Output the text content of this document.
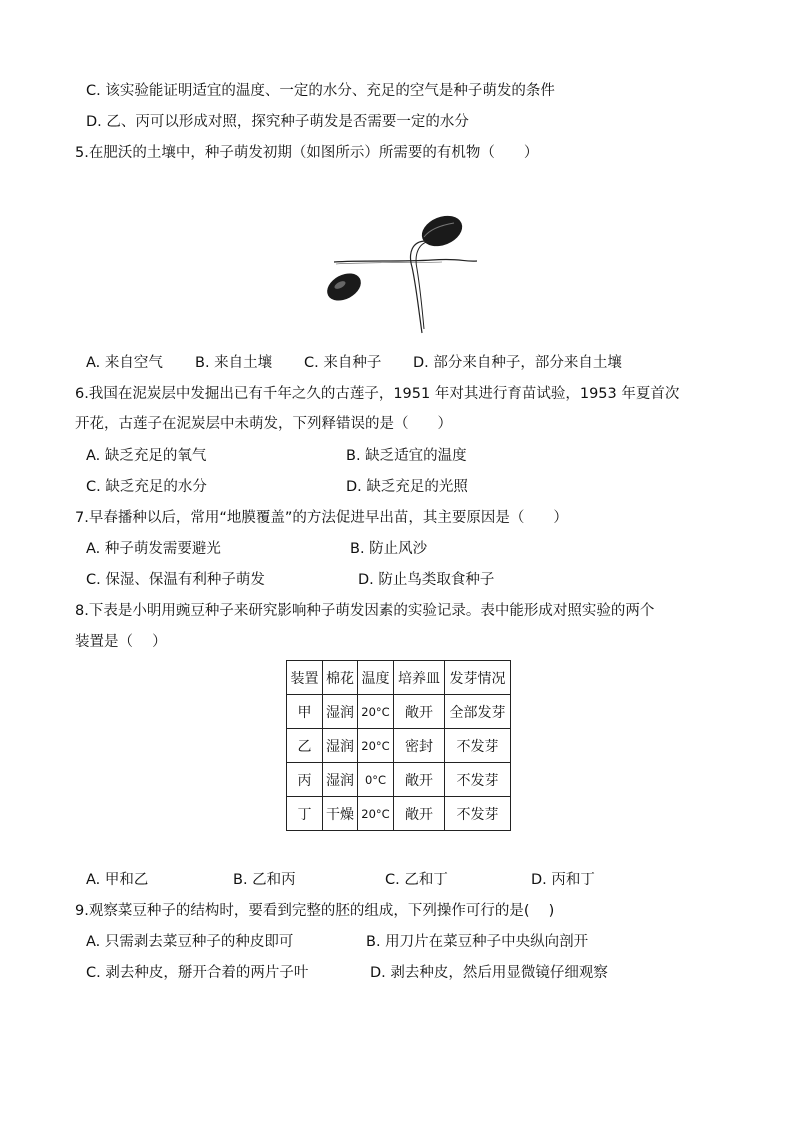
C. 该实验能证明适宜的温度、一定的水分、充足的空气是种子萌发的条件
D. 乙、丙可以形成对照，探究种子萌发是否需要一定的水分
5.在肥沃的土壤中，种子萌发初期（如图所示）所需要的有机物（　　）
A. 来自空气 B. 来自土壤 C. 来自种子 D. 部分来自种子，部分来自土壤
6.我国在泥炭层中发掘出已有千年之久的古莲子，1951 年对其进行育苗试验，1953 年夏首次
开花，古莲子在泥炭层中未萌发，下列释错误的是（　　）
A. 缺乏充足的氧气	B. 缺乏适宜的温度
C. 缺乏充足的水分	D. 缺乏充足的光照
7.早春播种以后，常用“地膜覆盖”的方法促进早出苗，其主要原因是（　　）
A. 种子萌发需要避光	B. 防止风沙
C. 保湿、保温有利种子萌发	D. 防止鸟类取食种子
8.下表是小明用豌豆种子来研究影响种子萌发因素的实验记录。表中能形成对照实验的两个
装置是（　 ）
装置	棉花	温度	培养皿	发芽情况
甲	湿润	20°C	敞开	全部发芽
乙	湿润	20°C	密封	不发芽
丙	湿润	0°C	敞开	不发芽
丁	干燥	20°C	敞开	不发芽
A. 甲和乙	B. 乙和丙	C. 乙和丁	D. 丙和丁
9.观察菜豆种子的结构时，要看到完整的胚的组成，下列操作可行的是(　 )
A. 只需剥去菜豆种子的种皮即可	B. 用刀片在菜豆种子中央纵向剖开
C. 剥去种皮，掰开合着的两片子叶	D. 剥去种皮，然后用显微镜仔细观察
